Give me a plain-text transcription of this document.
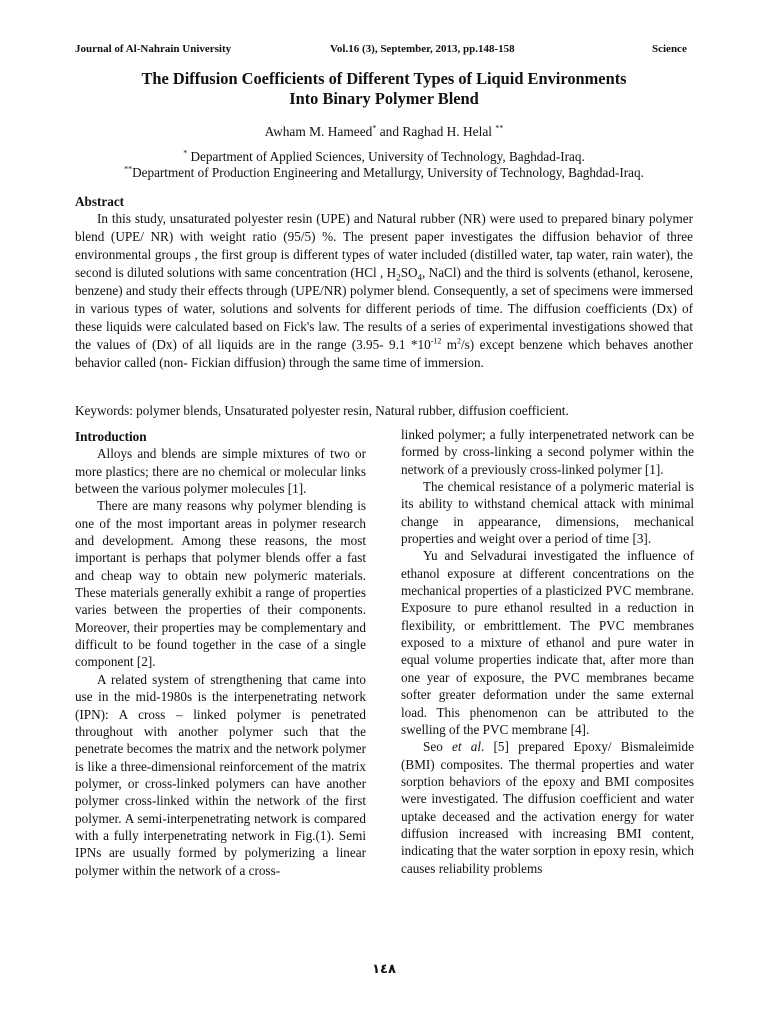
Journal of Al-Nahrain University	Vol.16 (3), September, 2013, pp.148-158	Science
The Diffusion Coefficients of Different Types of Liquid Environments
Into Binary Polymer Blend
Awham M. Hameed* and Raghad H. Helal **
* Department of Applied Sciences, University of Technology, Baghdad-Iraq.
**Department of Production Engineering and Metallurgy, University of Technology, Baghdad-Iraq.
Abstract

In this study, unsaturated polyester resin (UPE) and Natural rubber (NR) were used to prepared binary polymer blend (UPE/ NR) with weight ratio (95/5) %. The present paper investigates the diffusion behavior of three environmental groups , the first group is different types of water included (distilled water, tap water, rain water), the second is diluted solutions with same concentration (HCl , $H_2SO_4$, NaCl) and the third is solvents (ethanol, kerosene, benzene) and study their effects through (UPE/NR) polymer blend. Consequently, a set of specimens were immersed in various types of water, solutions and solvents for different periods of time. The diffusion coefficients (Dx) of these liquids were calculated based on Fick's law. The results of a series of experimental investigations showed that the values of (Dx) of all liquids are in the range (3.95- 9.1 $*10^{-12}$ $m^2/s$) except benzene which behaves another behavior called (non- Fickian diffusion) through the same time of immersion.

Keywords: polymer blends, Unsaturated polyester resin, Natural rubber, diffusion coefficient.
Introduction

Alloys and blends are simple mixtures of two or more plastics; there are no chemical or molecular links between the various polymer molecules [1].

There are many reasons why polymer blending is one of the most important areas in polymer research and development. Among these reasons, the most important is perhaps that polymer blends offer a fast and cheap way to obtain new polymeric materials. These materials generally exhibit a range of properties varies between the properties of their components. Moreover, their properties may be complementary and difficult to be found together in the case of a single component [2].

A related system of strengthening that came into use in the mid-1980s is the interpenetrating network (IPN): A cross – linked polymer is penetrated throughout with another polymer such that the penetrate becomes the matrix and the network polymer is like a three-dimensional reinforcement of the matrix polymer, or cross-linked polymers can have another polymer cross-linked within the network of the first polymer. A semi-interpenetrating network is compared with a fully interpenetrating network in Fig.(1). Semi IPNs are usually formed by polymerizing a linear polymer within the network of a cross-

linked polymer; a fully interpenetrated network can be formed by cross-linking a second polymer within the network of a previously cross-linked polymer [1].

The chemical resistance of a polymeric material is its ability to withstand chemical attack with minimal change in appearance, dimensions, mechanical properties and weight over a period of time [3].

Yu and Selvadurai investigated the influence of ethanol exposure at different concentrations on the mechanical properties of a plasticized PVC membrane. Exposure to pure ethanol resulted in a reduction in flexibility, or embrittlement. The PVC membranes exposed to a mixture of ethanol and pure water in equal volume properties indicate that, after more than one year of exposure, the PVC membranes became softer greater deformation under the same external load. This phenomenon can be attributed to the swelling of the PVC membrane [4].

Seo et al. [5] prepared Epoxy/ Bismaleimide (BMI) composites. The thermal properties and water sorption behaviors of the epoxy and BMI composites were investigated. The diffusion coefficient and water uptake deceased and the activation energy for water diffusion increased with increasing BMI content, indicating that the water sorption in epoxy resin, which causes reliability problems

١٤٨
